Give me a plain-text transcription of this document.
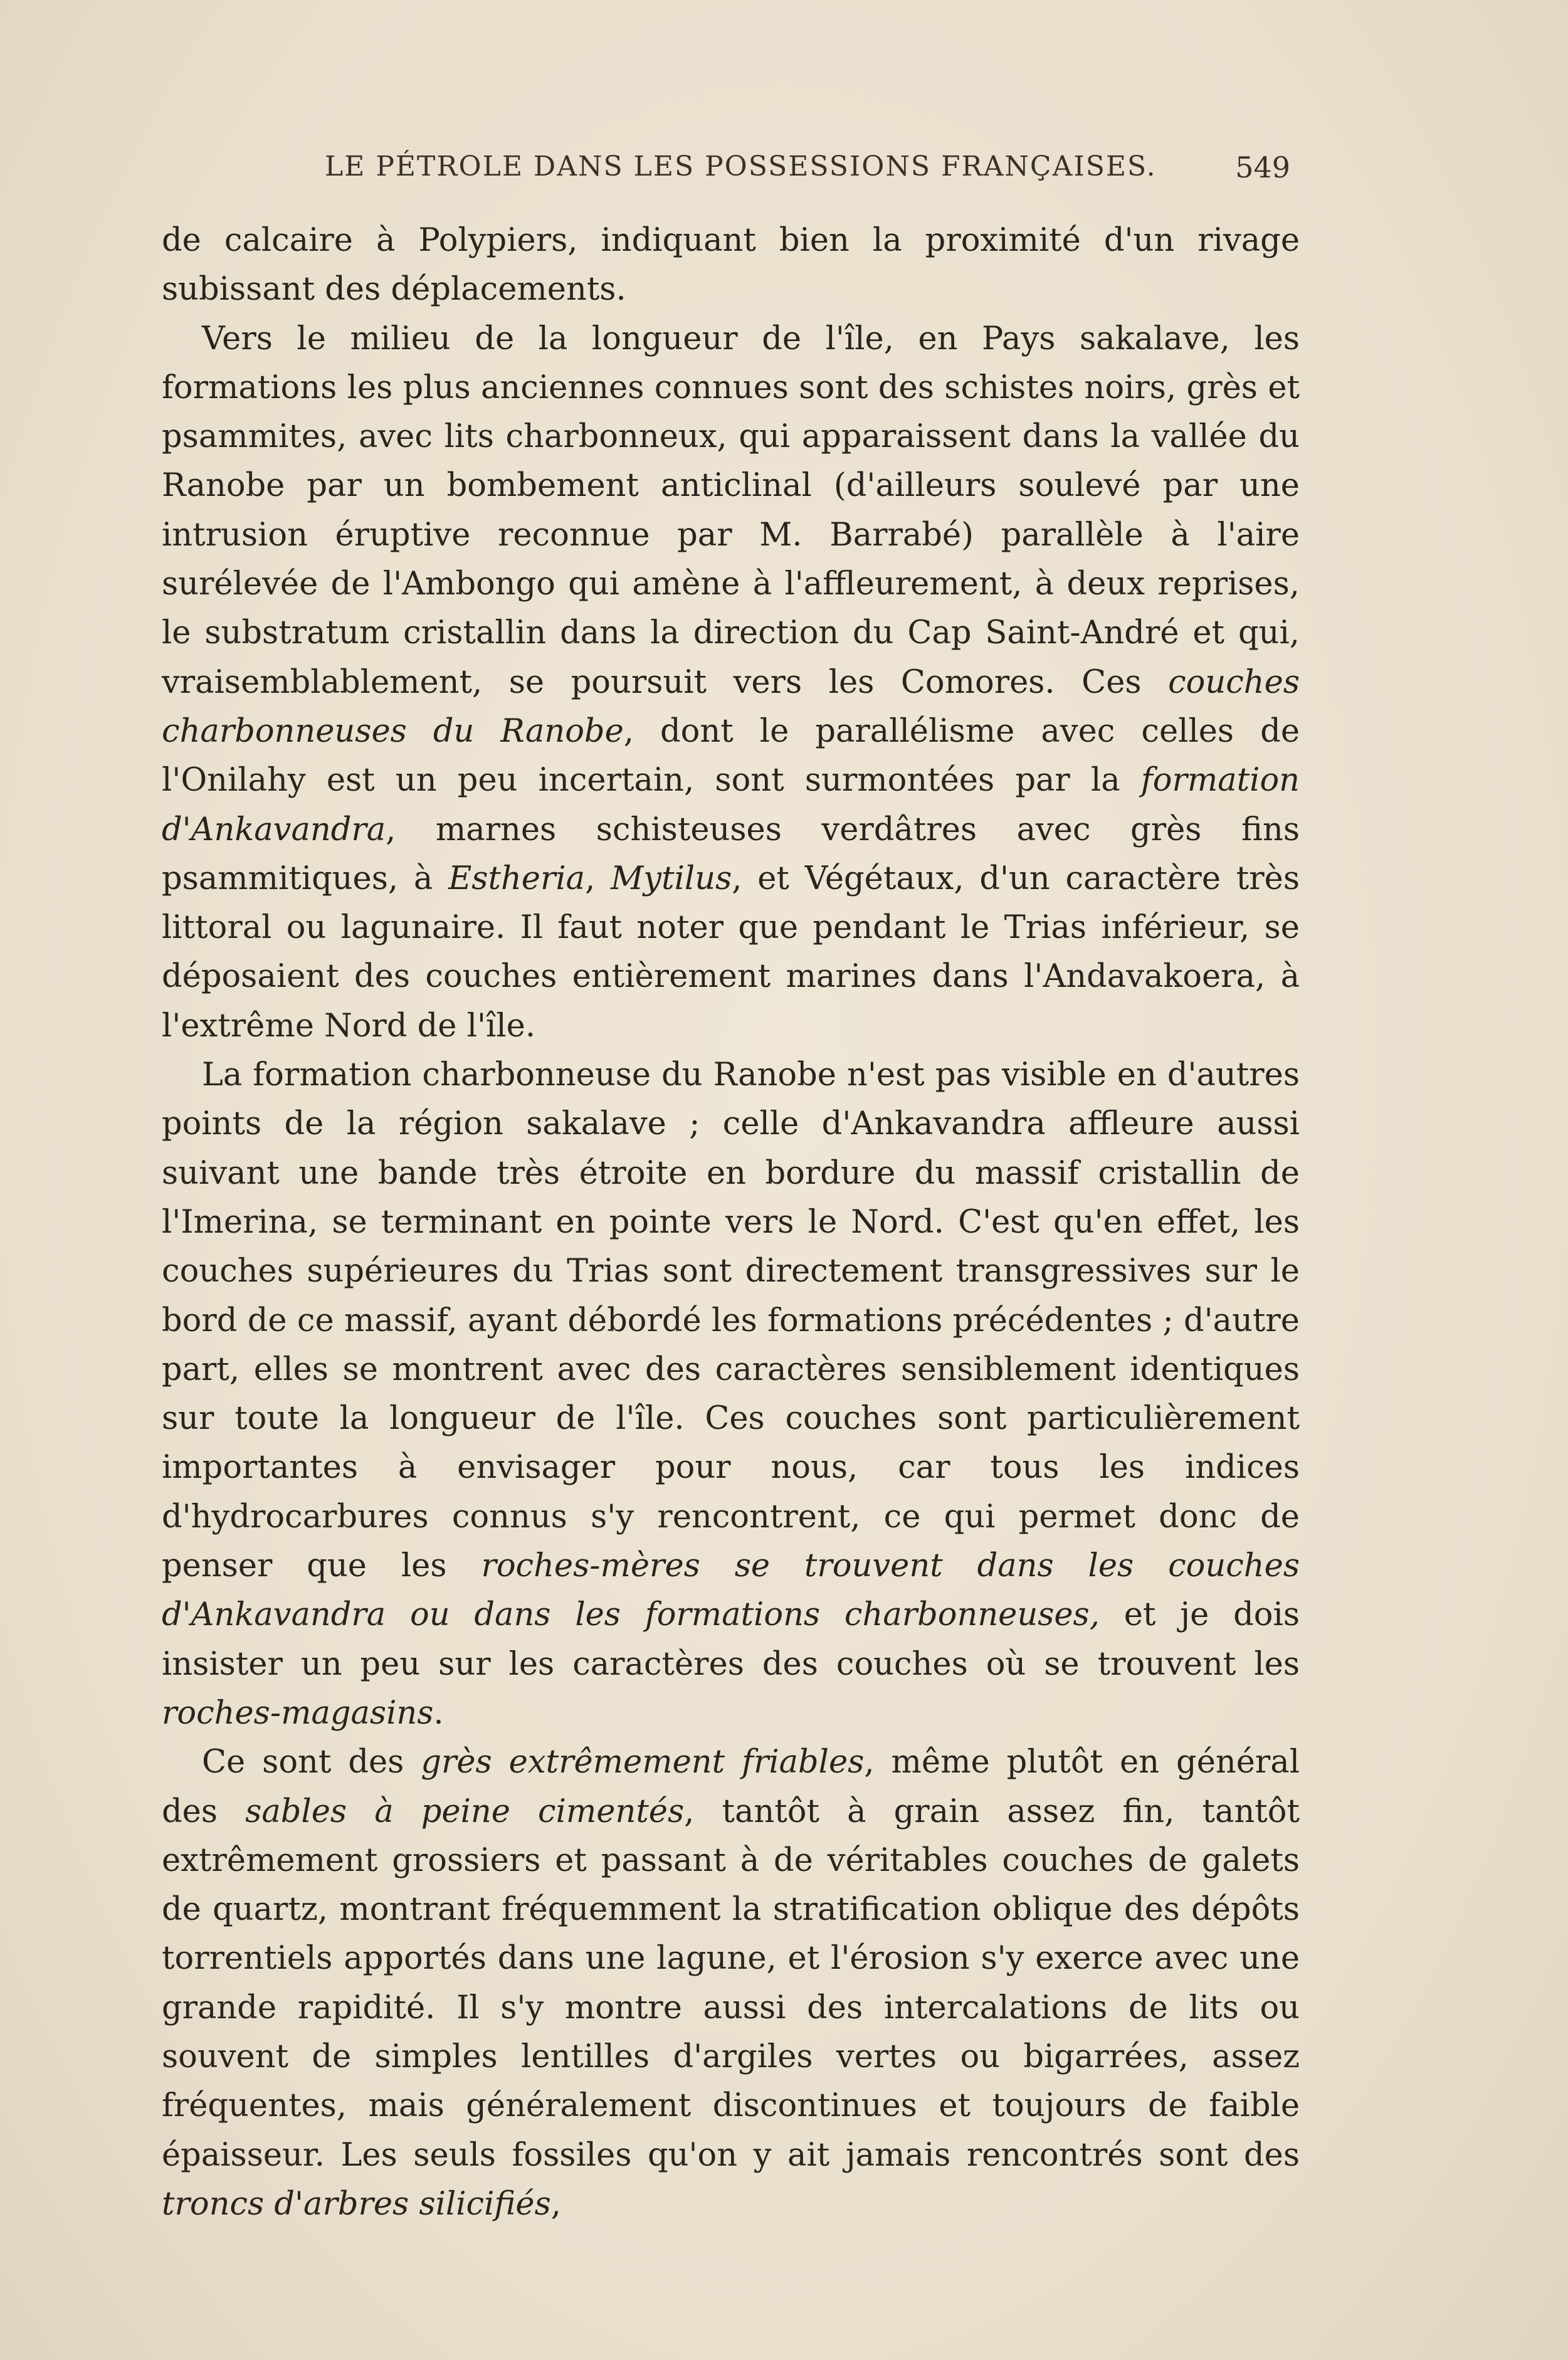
LE PÉTROLE DANS LES POSSESSIONS FRANÇAISES.	549

de calcaire à Polypiers, indiquant bien la proximité d'un rivage subissant des déplacements.

Vers le milieu de la longueur de l'île, en Pays sakalave, les formations les plus anciennes connues sont des schistes noirs, grès et psammites, avec lits charbonneux, qui apparaissent dans la vallée du Ranobe par un bombement anticlinal (d'ailleurs soulevé par une intrusion éruptive reconnue par M. Barrabé) parallèle à l'aire surélevée de l'Ambongo qui amène à l'affleurement, à deux reprises, le substratum cristallin dans la direction du Cap Saint-André et qui, vraisemblablement, se poursuit vers les Comores. Ces couches charbonneuses du Ranobe, dont le parallélisme avec celles de l'Onilahy est un peu incertain, sont surmontées par la formation d'Ankavandra, marnes schisteuses verdâtres avec grès fins psammitiques, à Estheria, Mytilus, et Végétaux, d'un caractère très littoral ou lagunaire. Il faut noter que pendant le Trias inférieur, se déposaient des couches entièrement marines dans l'Andavakoera, à l'extrême Nord de l'île.

La formation charbonneuse du Ranobe n'est pas visible en d'autres points de la région sakalave ; celle d'Ankavandra affleure aussi suivant une bande très étroite en bordure du massif cristallin de l'Imerina, se terminant en pointe vers le Nord. C'est qu'en effet, les couches supérieures du Trias sont directement transgressives sur le bord de ce massif, ayant débordé les formations précédentes ; d'autre part, elles se montrent avec des caractères sensiblement identiques sur toute la longueur de l'île. Ces couches sont particulièrement importantes à envisager pour nous, car tous les indices d'hydrocarbures connus s'y rencontrent, ce qui permet donc de penser que les roches-mères se trouvent dans les couches d'Ankavandra ou dans les formations charbonneuses, et je dois insister un peu sur les caractères des couches où se trouvent les roches-magasins.

Ce sont des grès extrêmement friables, même plutôt en général des sables à peine cimentés, tantôt à grain assez fin, tantôt extrêmement grossiers et passant à de véritables couches de galets de quartz, montrant fréquemment la stratification oblique des dépôts torrentiels apportés dans une lagune, et l'érosion s'y exerce avec une grande rapidité. Il s'y montre aussi des intercalations de lits ou souvent de simples lentilles d'argiles vertes ou bigarrées, assez fréquentes, mais généralement discontinues et toujours de faible épaisseur. Les seuls fossiles qu'on y ait jamais rencontrés sont des troncs d'arbres silicifiés,
